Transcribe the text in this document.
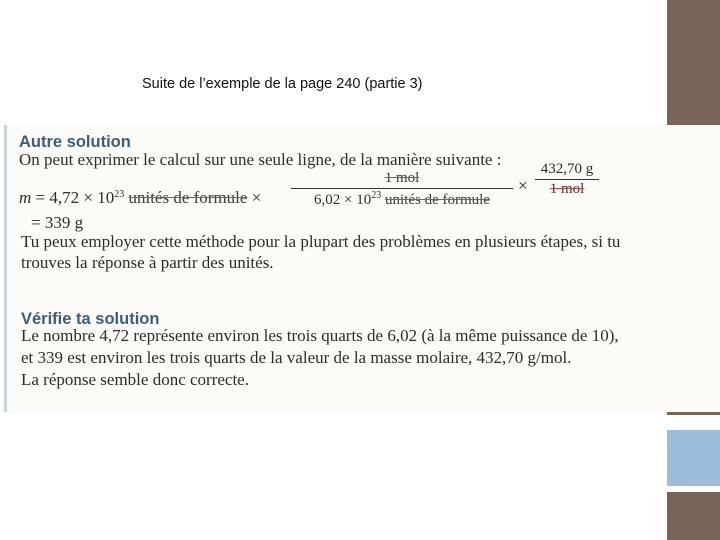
Suite de l’exemple de la page 240 (partie 3)
Autre solution
On peut exprimer le calcul sur une seule ligne, de la manière suivante :
$m = 4,72 \times 10^{23}$ unités de formule ×
1 mol
$6,02 \times 10^{23}$ unités de formule
×
432,70 g
1 mol
= 339 g
Tu peux employer cette méthode pour la plupart des problèmes en plusieurs étapes, si tu
trouves la réponse à partir des unités.
Vérifie ta solution
Le nombre 4,72 représente environ les trois quarts de 6,02 (à la même puissance de 10),
et 339 est environ les trois quarts de la valeur de la masse molaire, 432,70 g/mol.
La réponse semble donc correcte.
